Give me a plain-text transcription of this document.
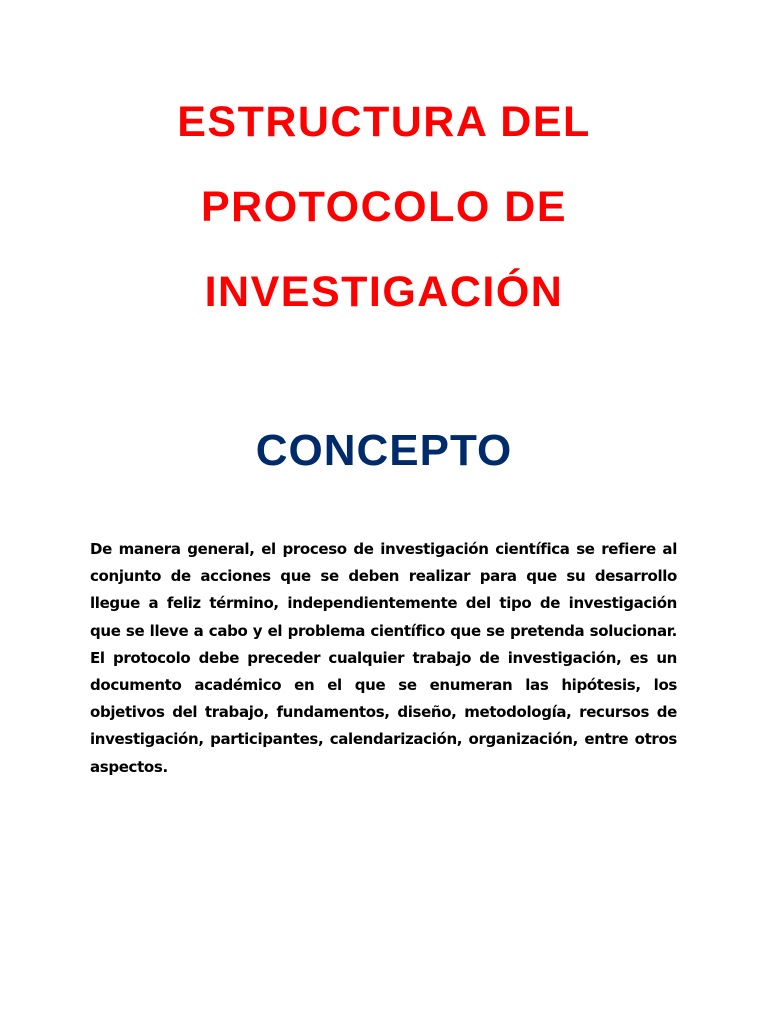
ESTRUCTURA DEL
PROTOCOLO DE
INVESTIGACIÓN
CONCEPTO

De manera general, el proceso de investigación científica se refiere al conjunto de acciones que se deben realizar para que su desarrollo llegue a feliz término, independientemente del tipo de investigación que se lleve a cabo y el problema científico que se pretenda solucionar. El protocolo debe preceder cualquier trabajo de investigación, es un documento académico en el que se enumeran las hipótesis, los objetivos del trabajo, fundamentos, diseño, metodología, recursos de investigación, participantes, calendarización, organización, entre otros aspectos.
